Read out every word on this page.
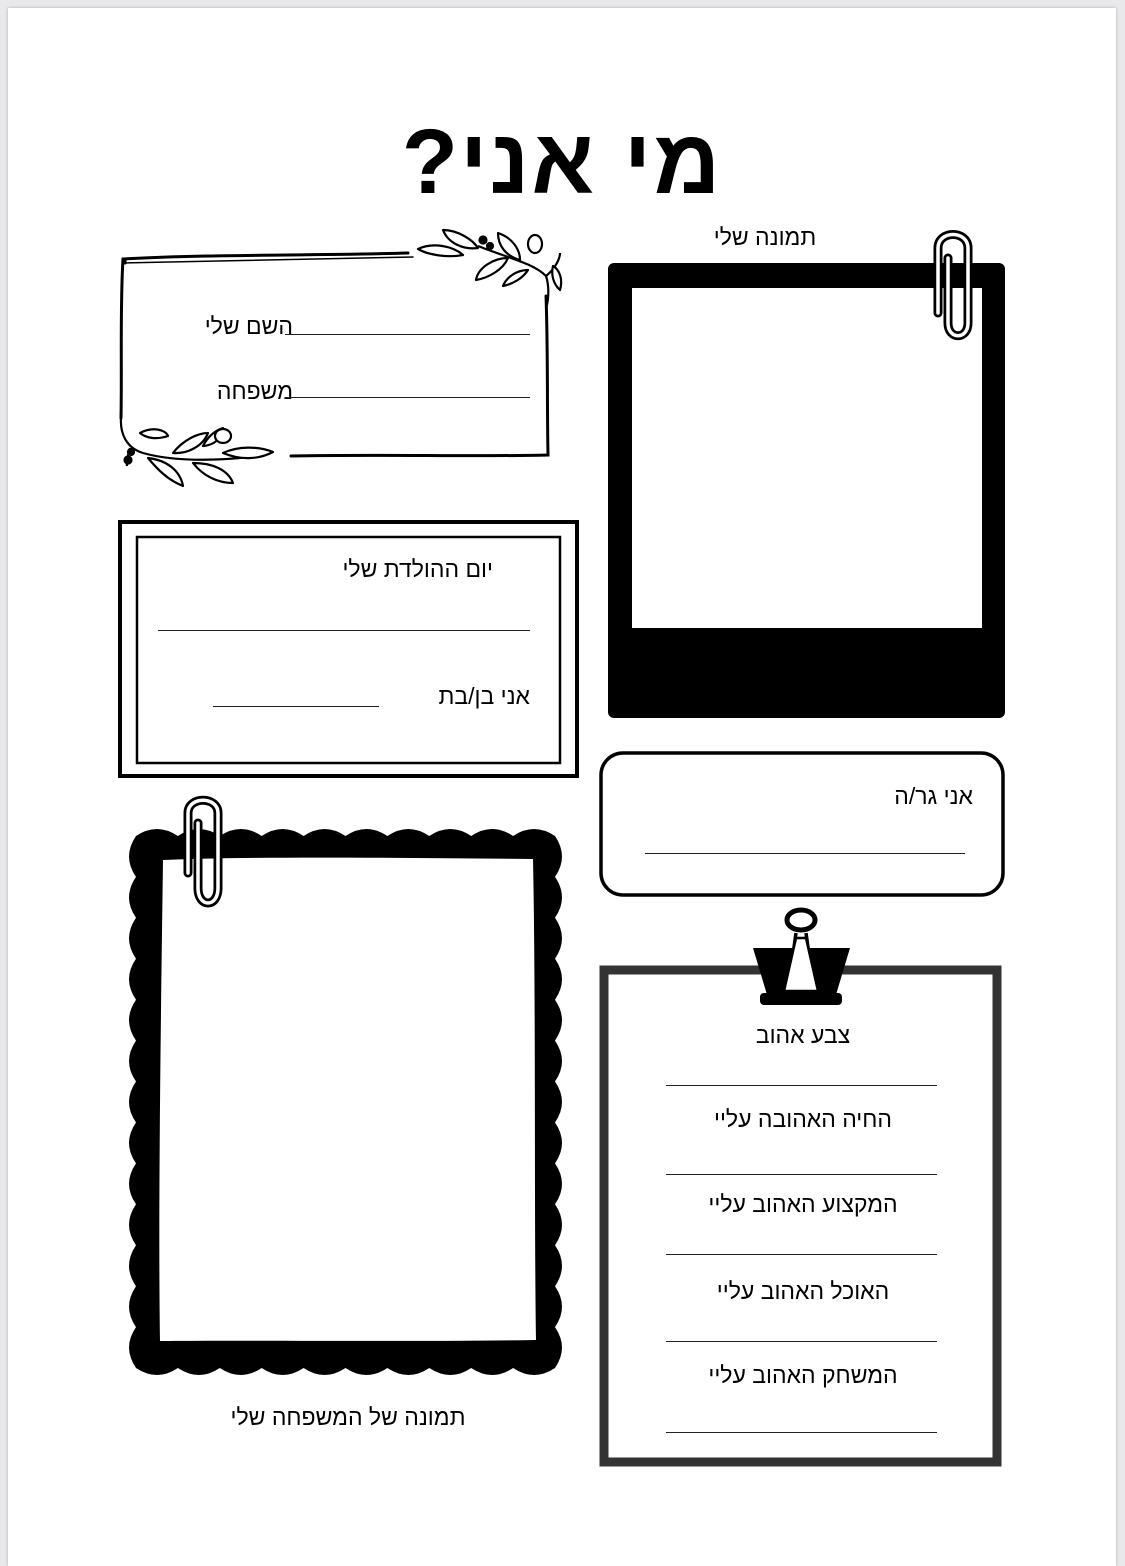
מי אני?
תמונה שלי
השם שלי
משפחה
יום ההולדת שלי
אני בן/בת
אני גר/ה
תמונה של המשפחה שלי
צבע אהוב
החיה האהובה עליי
המקצוע האהוב עליי
האוכל האהוב עליי
המשחק האהוב עליי
